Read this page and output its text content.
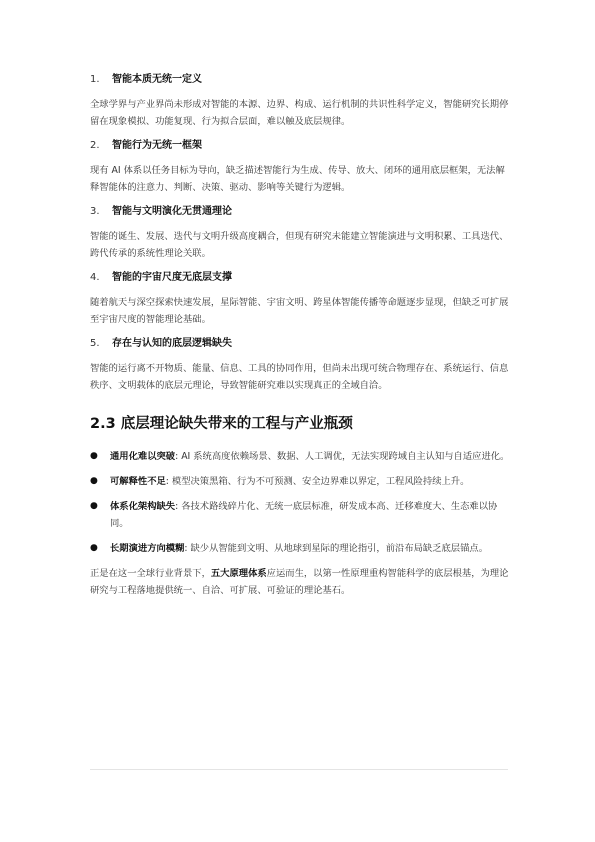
1.	智能本质无统一定义

全球学界与产业界尚未形成对智能的本源、边界、构成、运行机制的共识性科学定义，智能研究长期停留在现象模拟、功能复现、行为拟合层面，难以触及底层规律。

2.	智能行为无统一框架

现有 AI 体系以任务目标为导向，缺乏描述智能行为生成、传导、放大、闭环的通用底层框架，无法解释智能体的注意力、判断、决策、驱动、影响等关键行为逻辑。

3.	智能与文明演化无贯通理论

智能的诞生、发展、迭代与文明升级高度耦合，但现有研究未能建立智能演进与文明积累、工具迭代、跨代传承的系统性理论关联。

4.	智能的宇宙尺度无底层支撑

随着航天与深空探索快速发展，星际智能、宇宙文明、跨星体智能传播等命题逐步显现，但缺乏可扩展至宇宙尺度的智能理论基础。

5.	存在与认知的底层逻辑缺失

智能的运行离不开物质、能量、信息、工具的协同作用，但尚未出现可统合物理存在、系统运行、信息秩序、文明载体的底层元理论，导致智能研究难以实现真正的全域自洽。

2.3 底层理论缺失带来的工程与产业瓶颈
●	通用化难以突破: AI 系统高度依赖场景、数据、人工调优，无法实现跨域自主认知与自适应进化。
●	可解释性不足: 模型决策黑箱、行为不可预测、安全边界难以界定，工程风险持续上升。
●	体系化架构缺失: 各技术路线碎片化、无统一底层标准，研发成本高、迁移难度大、生态难以协同。
●	长期演进方向模糊: 缺少从智能到文明、从地球到星际的理论指引，前沿布局缺乏底层锚点。

正是在这一全球行业背景下，五大原理体系应运而生，以第一性原理重构智能科学的底层根基，为理论研究与工程落地提供统一、自洽、可扩展、可验证的理论基石。
